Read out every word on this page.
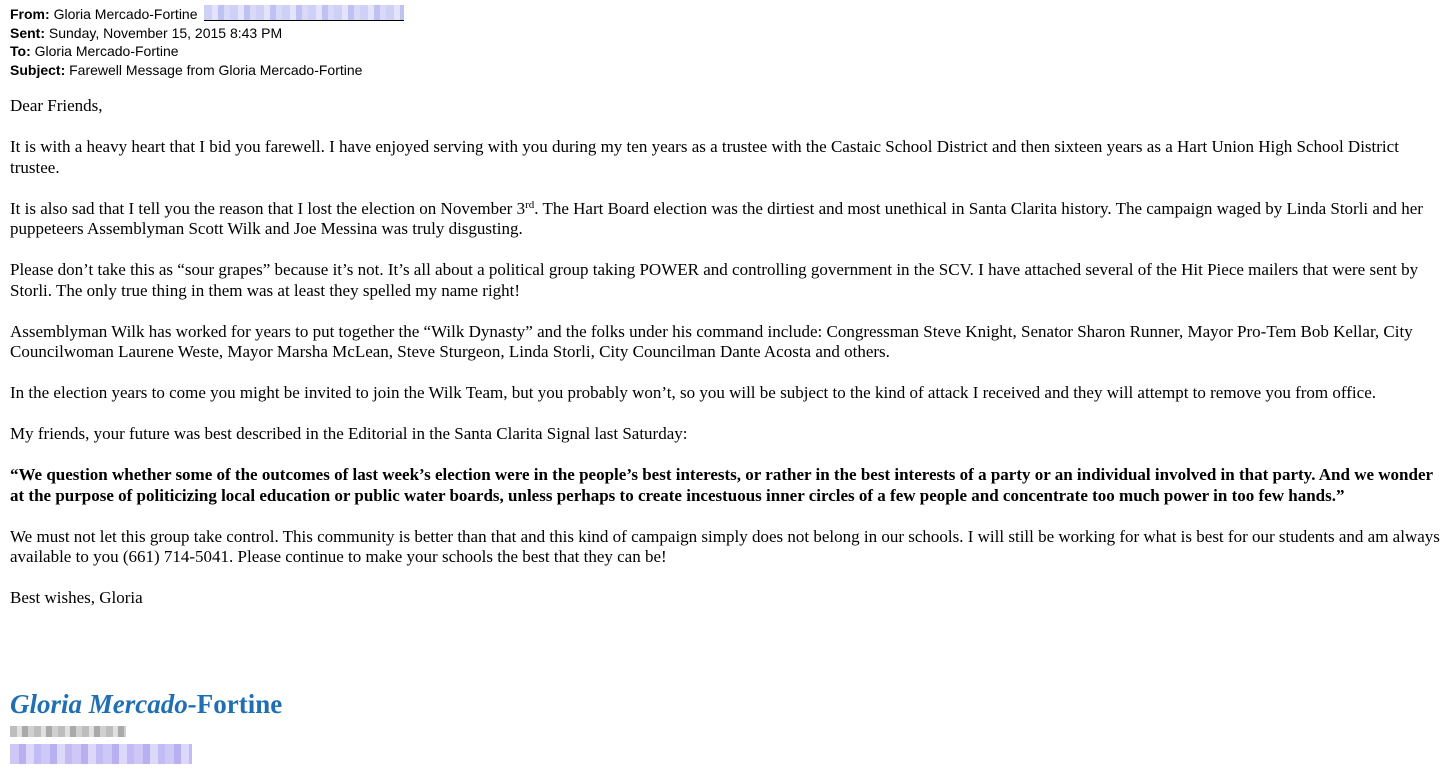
From: Gloria Mercado-Fortine
Sent: Sunday, November 15, 2015 8:43 PM
To: Gloria Mercado-Fortine
Subject: Farewell Message from Gloria Mercado-Fortine

Dear Friends,

It is with a heavy heart that I bid you farewell. I have enjoyed serving with you during my ten years as a trustee with the Castaic School District and then sixteen years as a Hart Union High School District trustee.

It is also sad that I tell you the reason that I lost the election on November 3rd. The Hart Board election was the dirtiest and most unethical in Santa Clarita history. The campaign waged by Linda Storli and her puppeteers Assemblyman Scott Wilk and Joe Messina was truly disgusting.

Please don’t take this as “sour grapes” because it’s not. It’s all about a political group taking POWER and controlling government in the SCV. I have attached several of the Hit Piece mailers that were sent by Storli. The only true thing in them was at least they spelled my name right!

Assemblyman Wilk has worked for years to put together the “Wilk Dynasty” and the folks under his command include: Congressman Steve Knight, Senator Sharon Runner, Mayor Pro-Tem Bob Kellar, City Councilwoman Laurene Weste, Mayor Marsha McLean, Steve Sturgeon, Linda Storli, City Councilman Dante Acosta and others.

In the election years to come you might be invited to join the Wilk Team, but you probably won’t, so you will be subject to the kind of attack I received and they will attempt to remove you from office.

My friends, your future was best described in the Editorial in the Santa Clarita Signal last Saturday:

“We question whether some of the outcomes of last week’s election were in the people’s best interests, or rather in the best interests of a party or an individual involved in that party. And we wonder at the purpose of politicizing local education or public water boards, unless perhaps to create incestuous inner circles of a few people and concentrate too much power in too few hands.”

We must not let this group take control. This community is better than that and this kind of campaign simply does not belong in our schools. I will still be working for what is best for our students and am always available to you (661) 714-5041. Please continue to make your schools the best that they can be!

Best wishes, Gloria

Gloria Mercado-Fortine
